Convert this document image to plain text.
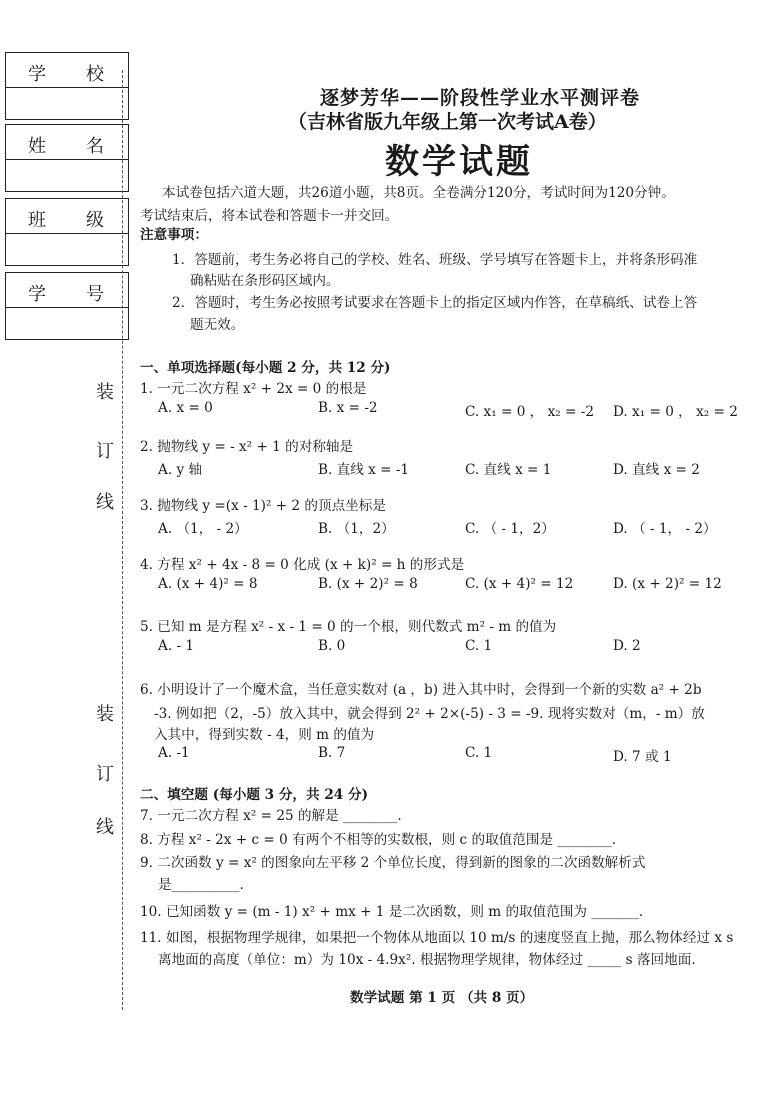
学 校
姓 名
班 级
学 号
装
订
线
装
订
线
逐梦芳华——阶段性学业水平测评卷
（吉林省版九年级上第一次考试A卷）
数学试题
本试卷包括六道大题，共26道小题，共8页。全卷满分120分，考试时间为120分钟。
考试结束后，将本试卷和答题卡一并交回。
注意事项：
1．答题前，考生务必将自己的学校、姓名、班级、学号填写在答题卡上，并将条形码准
确粘贴在条形码区域内。
2．答题时，考生务必按照考试要求在答题卡上的指定区域内作答，在草稿纸、试卷上答
题无效。
一、单项选择题(每小题 2 分，共 12 分)
1. 一元二次方程 x² + 2x = 0 的根是
A. x = 0	B. x = -2	C. x₁ = 0 ， x₂ = -2 D. x₁ = 0 ， x₂ = 2
2. 抛物线 y = - x² + 1 的对称轴是
A. y 轴	B. 直线 x = -1	C. 直线 x = 1	D. 直线 x = 2
3. 抛物线 y =(x - 1)² + 2 的顶点坐标是
A. （1， - 2）	B. （1，2）	C. （ - 1，2）	D. （ - 1， - 2）
4. 方程 x² + 4x - 8 = 0 化成 (x + k)² = h 的形式是
A. (x + 4)² = 8	B. (x + 2)² = 8	C. (x + 4)² = 12	D. (x + 2)² = 12
5. 已知 m 是方程 x² - x - 1 = 0 的一个根，则代数式 m² - m 的值为
A. - 1	B. 0	C. 1	D. 2
6. 小明设计了一个魔术盒，当任意实数对 (a ，b) 进入其中时，会得到一个新的实数 a² + 2b
-3. 例如把（2，-5）放入其中，就会得到 2² + 2×(-5) - 3 = -9. 现将实数对（m，- m）放
入其中，得到实数 - 4，则 m 的值为
A. -1	B. 7	C. 1	D. 7 或 1
二、填空题 (每小题 3 分，共 24 分)
7. 一元二次方程 x² = 25 的解是 ________.
8. 方程 x² - 2x + c = 0 有两个不相等的实数根，则 c 的取值范围是 ________.
9. 二次函数 y = x² 的图象向左平移 2 个单位长度，得到新的图象的二次函数解析式
是__________.
10. 已知函数 y = (m - 1) x² + mx + 1 是二次函数，则 m 的取值范围为 _______.
11. 如图，根据物理学规律，如果把一个物体从地面以 10 m/s 的速度竖直上抛，那么物体经过 x s
离地面的高度（单位：m）为 10x - 4.9x². 根据物理学规律，物体经过 _____ s 落回地面.
数学试题 第 1 页 （共 8 页）
